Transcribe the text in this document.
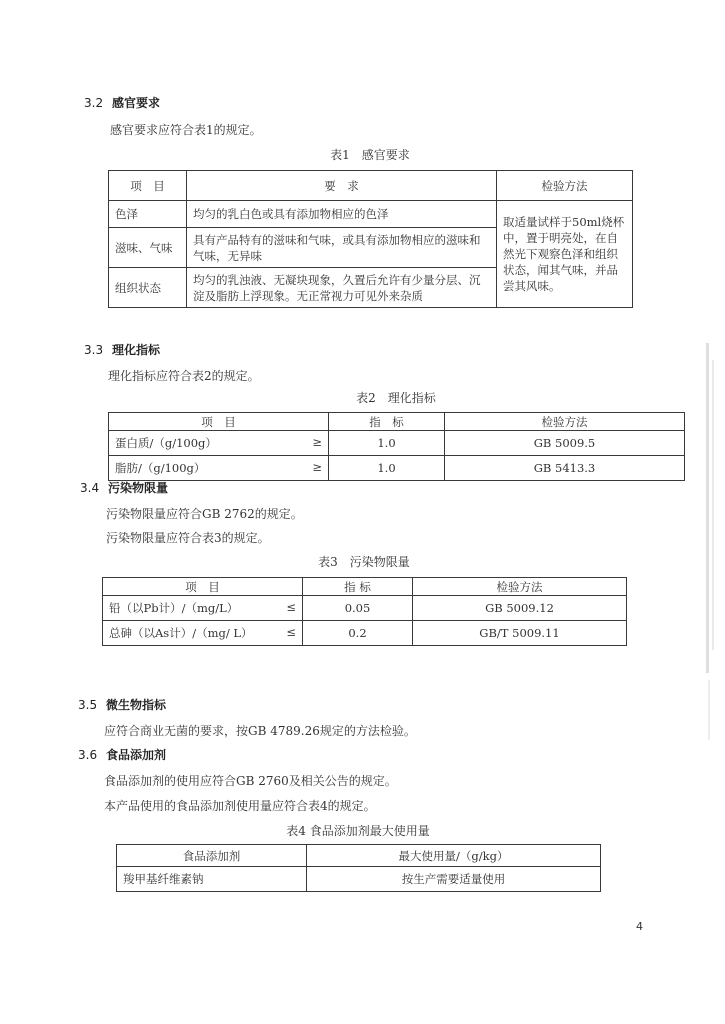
3.2 感官要求
感官要求应符合表1的规定。
表1　感官要求
项　目	要　求	检验方法
色泽	均匀的乳白色或具有添加物相应的色泽	取适量试样于50ml烧杯中，置于明亮处，在自然光下观察色泽和组织状态，闻其气味，并品尝其风味。
滋味、气味	具有产品特有的滋味和气味，或具有添加物相应的滋味和气味，无异味	
组织状态	均匀的乳浊液、无凝块现象，久置后允许有少量分层、沉淀及脂肪上浮现象。无正常视力可见外来杂质	
3.3 理化指标
理化指标应符合表2的规定。
表2　理化指标
项　目	指　标	检验方法
蛋白质/（g/100g） ≥	1.0	GB 5009.5
脂肪/（g/100g） ≥	1.0	GB 5413.3
3.4 污染物限量
污染物限量应符合GB 2762的规定。
污染物限量应符合表3的规定。
表3　污染物限量
项　目	指 标	检验方法
铅（以Pb计）/（mg/L） ≤	0.05	GB 5009.12
总砷（以As计）/（mg/ L） ≤	0.2	GB/T 5009.11
3.5 微生物指标
应符合商业无菌的要求，按GB 4789.26规定的方法检验。
3.6 食品添加剂
食品添加剂的使用应符合GB 2760及相关公告的规定。
本产品使用的食品添加剂使用量应符合表4的规定。
表4 食品添加剂最大使用量
食品添加剂	最大使用量/（g/kg）
羧甲基纤维素钠	按生产需要适量使用
4
